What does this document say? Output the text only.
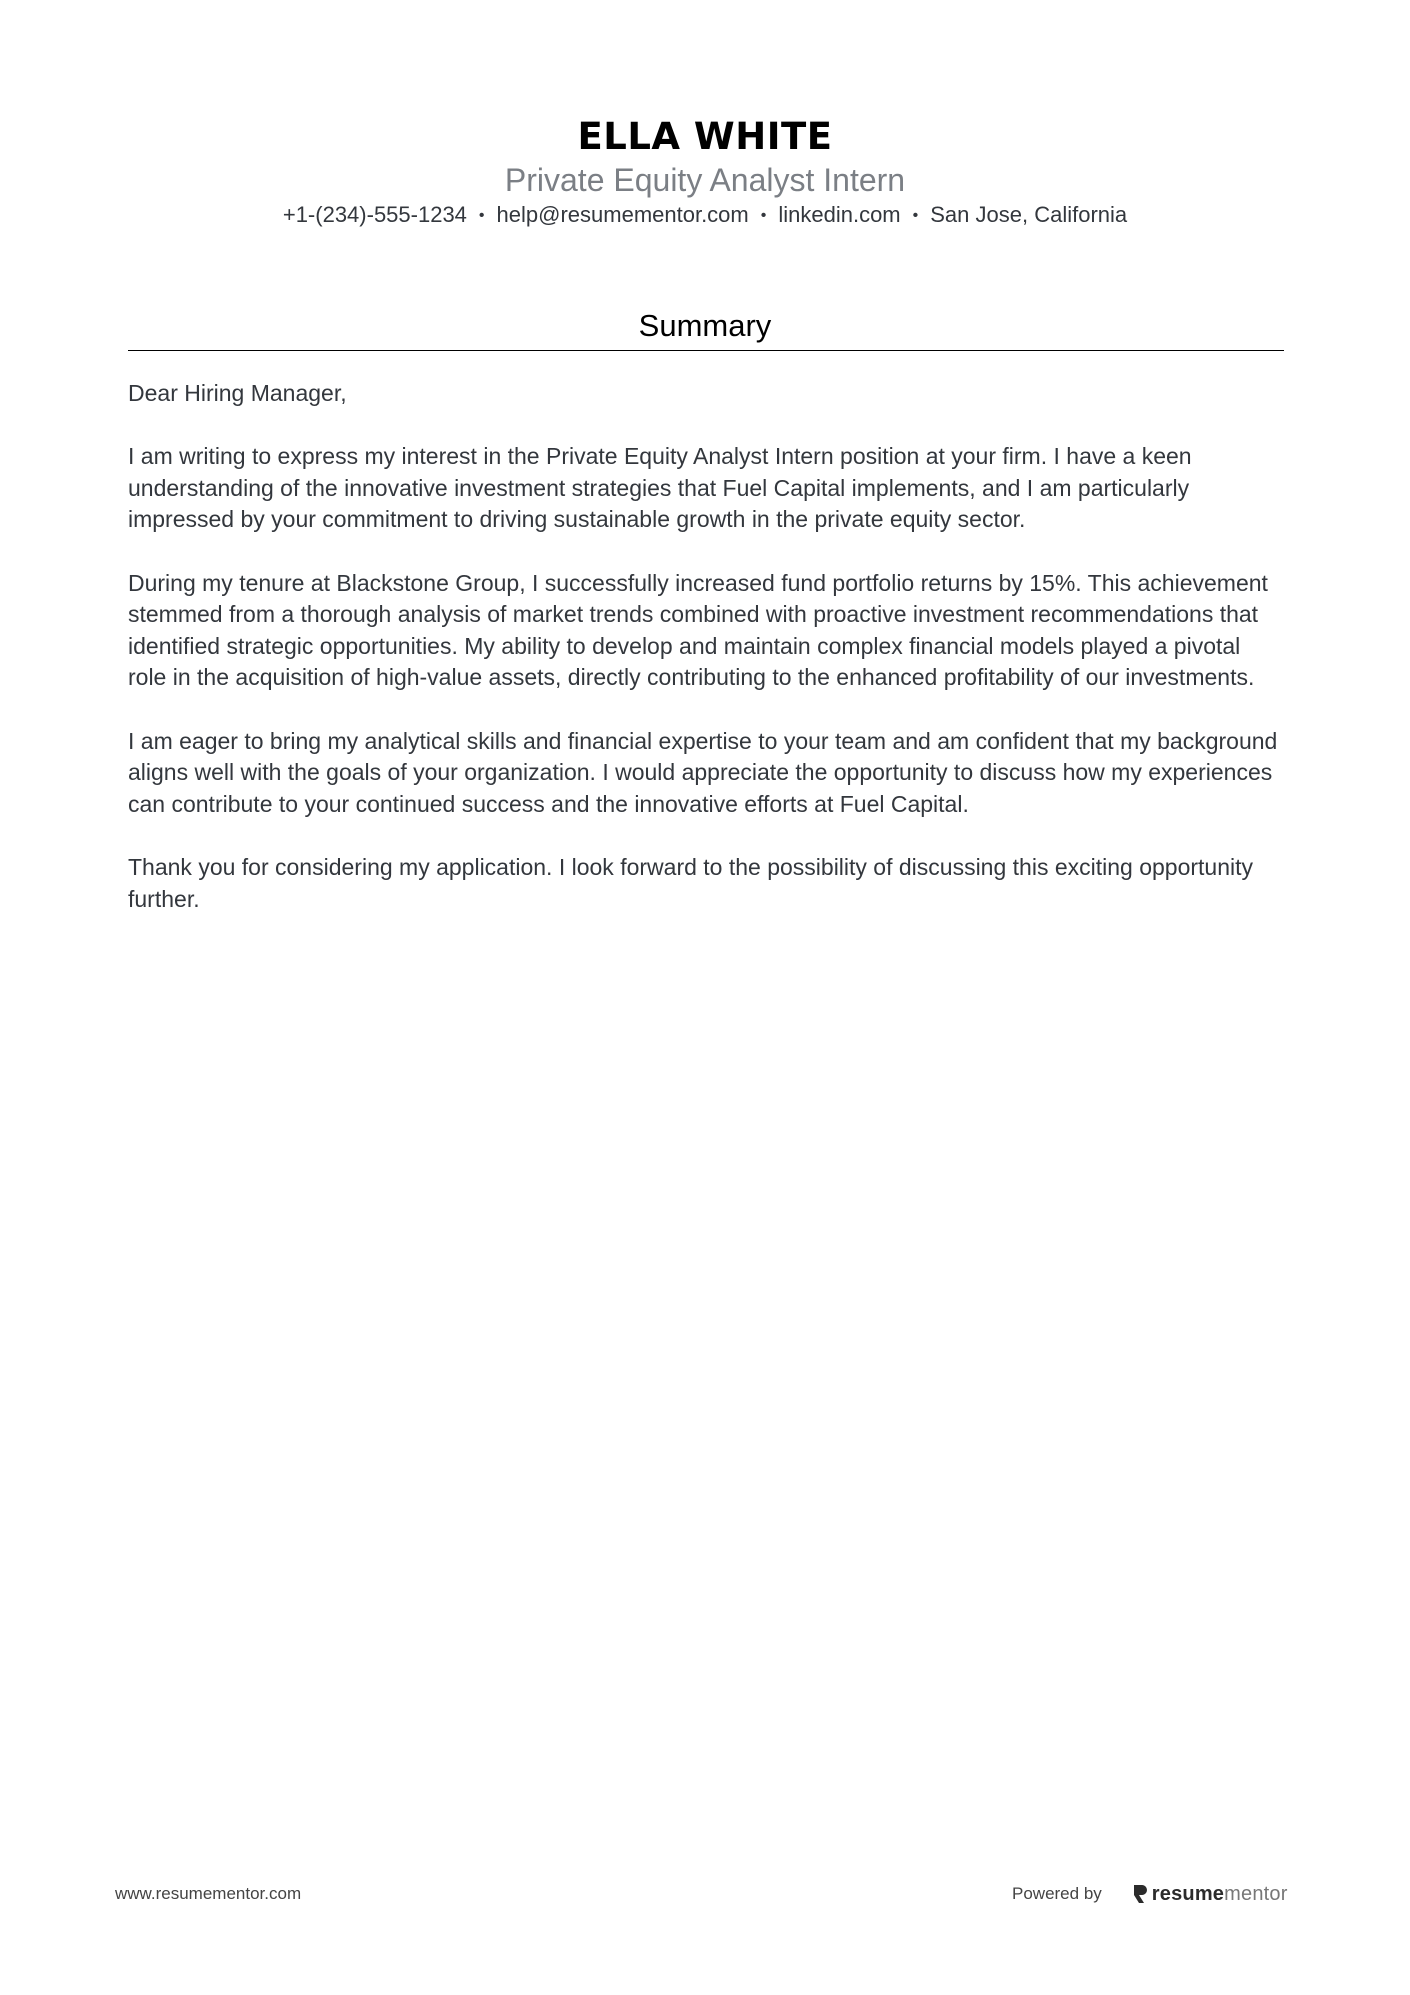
ELLA WHITE
Private Equity Analyst Intern
+1-(234)-555-1234 • help@resumementor.com • linkedin.com • San Jose, California
Summary

Dear Hiring Manager,

I am writing to express my interest in the Private Equity Analyst Intern position at your firm. I have a keen understanding of the innovative investment strategies that Fuel Capital implements, and I am particularly impressed by your commitment to driving sustainable growth in the private equity sector.

During my tenure at Blackstone Group, I successfully increased fund portfolio returns by 15%. This achievement stemmed from a thorough analysis of market trends combined with proactive investment recommendations that identified strategic opportunities. My ability to develop and maintain complex financial models played a pivotal role in the acquisition of high-value assets, directly contributing to the enhanced profitability of our investments.

I am eager to bring my analytical skills and financial expertise to your team and am confident that my background aligns well with the goals of your organization. I would appreciate the opportunity to discuss how my experiences can contribute to your continued success and the innovative efforts at Fuel Capital.

Thank you for considering my application. I look forward to the possibility of discussing this exciting opportunity further.

www.resumementor.com	Powered by	resumementor
